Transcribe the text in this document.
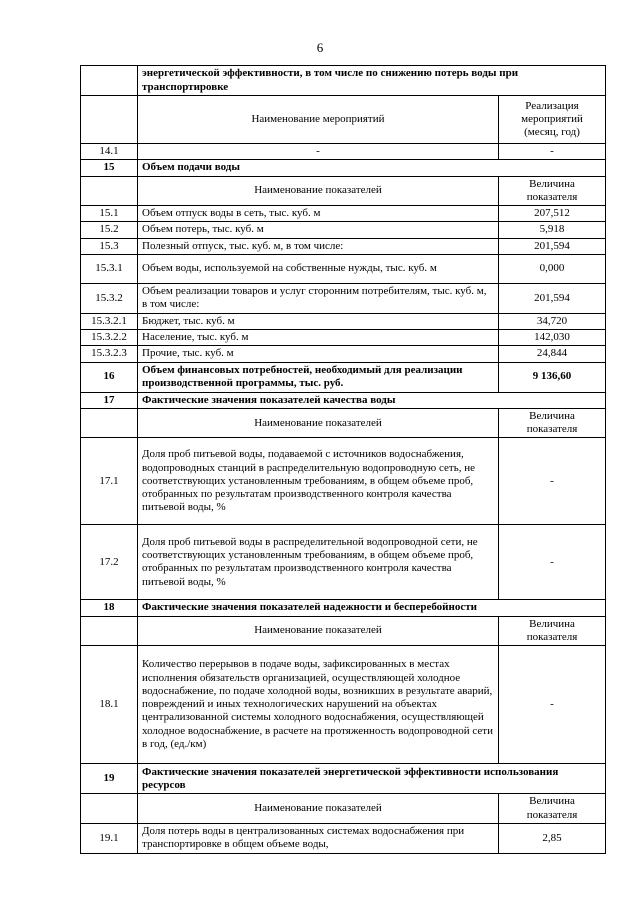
6
	энергетической эффективности, в том числе по снижению потерь воды при транспортировке	
	Наименование мероприятий	Реализация мероприятий (месяц, год)
14.1	-	-
15	Объем подачи воды	
	Наименование показателей	Величина показателя
15.1	Объем отпуск воды в сеть, тыс. куб. м	207,512
15.2	Объем потерь, тыс. куб. м	5,918
15.3	Полезный отпуск, тыс. куб. м, в том числе:	201,594
15.3.1	Объем воды, используемой на собственные нужды, тыс. куб. м	0,000
15.3.2	Объем реализации товаров и услуг сторонним потребителям, тыс. куб. м, в том числе:	201,594
15.3.2.1	Бюджет, тыс. куб. м	34,720
15.3.2.2	Население, тыс. куб. м	142,030
15.3.2.3	Прочие, тыс. куб. м	24,844
16	Объем финансовых потребностей, необходимый для реализации производственной программы, тыс. руб.	9 136,60
17	Фактические значения показателей качества воды	
	Наименование показателей	Величина показателя
17.1	Доля проб питьевой воды, подаваемой с источников водоснабжения, водопроводных станций в распределительную водопроводную сеть, не соответствующих установленным требованиям, в общем объеме проб, отобранных по результатам производственного контроля качества питьевой воды, %	-
17.2	Доля проб питьевой воды в распределительной водопроводной сети, не соответствующих установленным требованиям, в общем объеме проб, отобранных по результатам производственного контроля качества питьевой воды, %	-
18	Фактические значения показателей надежности и бесперебойности	
	Наименование показателей	Величина показателя
18.1	Количество перерывов в подаче воды, зафиксированных в местах исполнения обязательств организацией, осуществляющей холодное водоснабжение, по подаче холодной воды, возникших в результате аварий, повреждений и иных технологических нарушений на объектах централизованной системы холодного водоснабжения, осуществляющей холодное водоснабжение, в расчете на протяженность водопроводной сети в год, (ед./км)	-
19	Фактические значения показателей энергетической эффективности использования ресурсов	
	Наименование показателей	Величина показателя
19.1	Доля потерь воды в централизованных системах водоснабжения при транспортировке в общем объеме воды,	2,85
